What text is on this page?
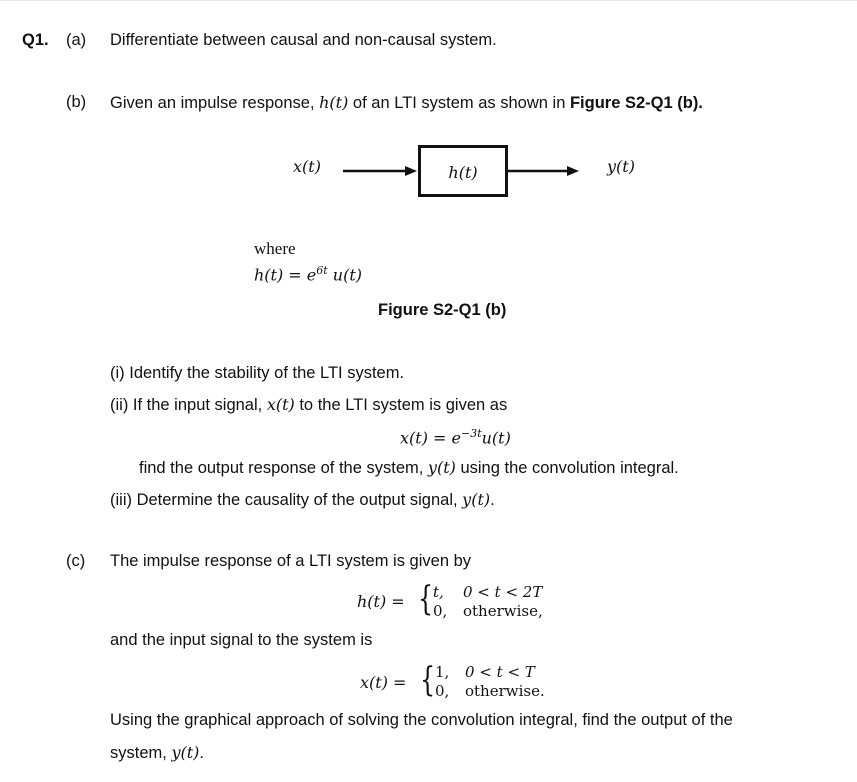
Q1. (a) Differentiate between causal and non-causal system.
(b) Given an impulse response, h(t) of an LTI system as shown in Figure S2-Q1 (b).
x(t)	h(t)	y(t)
where
$h(t) = e^{6t}$ u(t)
Figure S2-Q1 (b)
(i) Identify the stability of the LTI system.
(ii) If the input signal, x(t) to the LTI system is given as
$x(t) = e^{-3t}u(t)$
find the output response of the system, y(t) using the convolution integral.
(iii) Determine the causality of the output signal, y(t).
(c) The impulse response of a LTI system is given by
h(t) = { t, 0 < t < 2T
0, otherwise,
and the input signal to the system is
x(t) = { 1, 0 < t < T
0, otherwise.
Using the graphical approach of solving the convolution integral, find the output of the
system, y(t).
